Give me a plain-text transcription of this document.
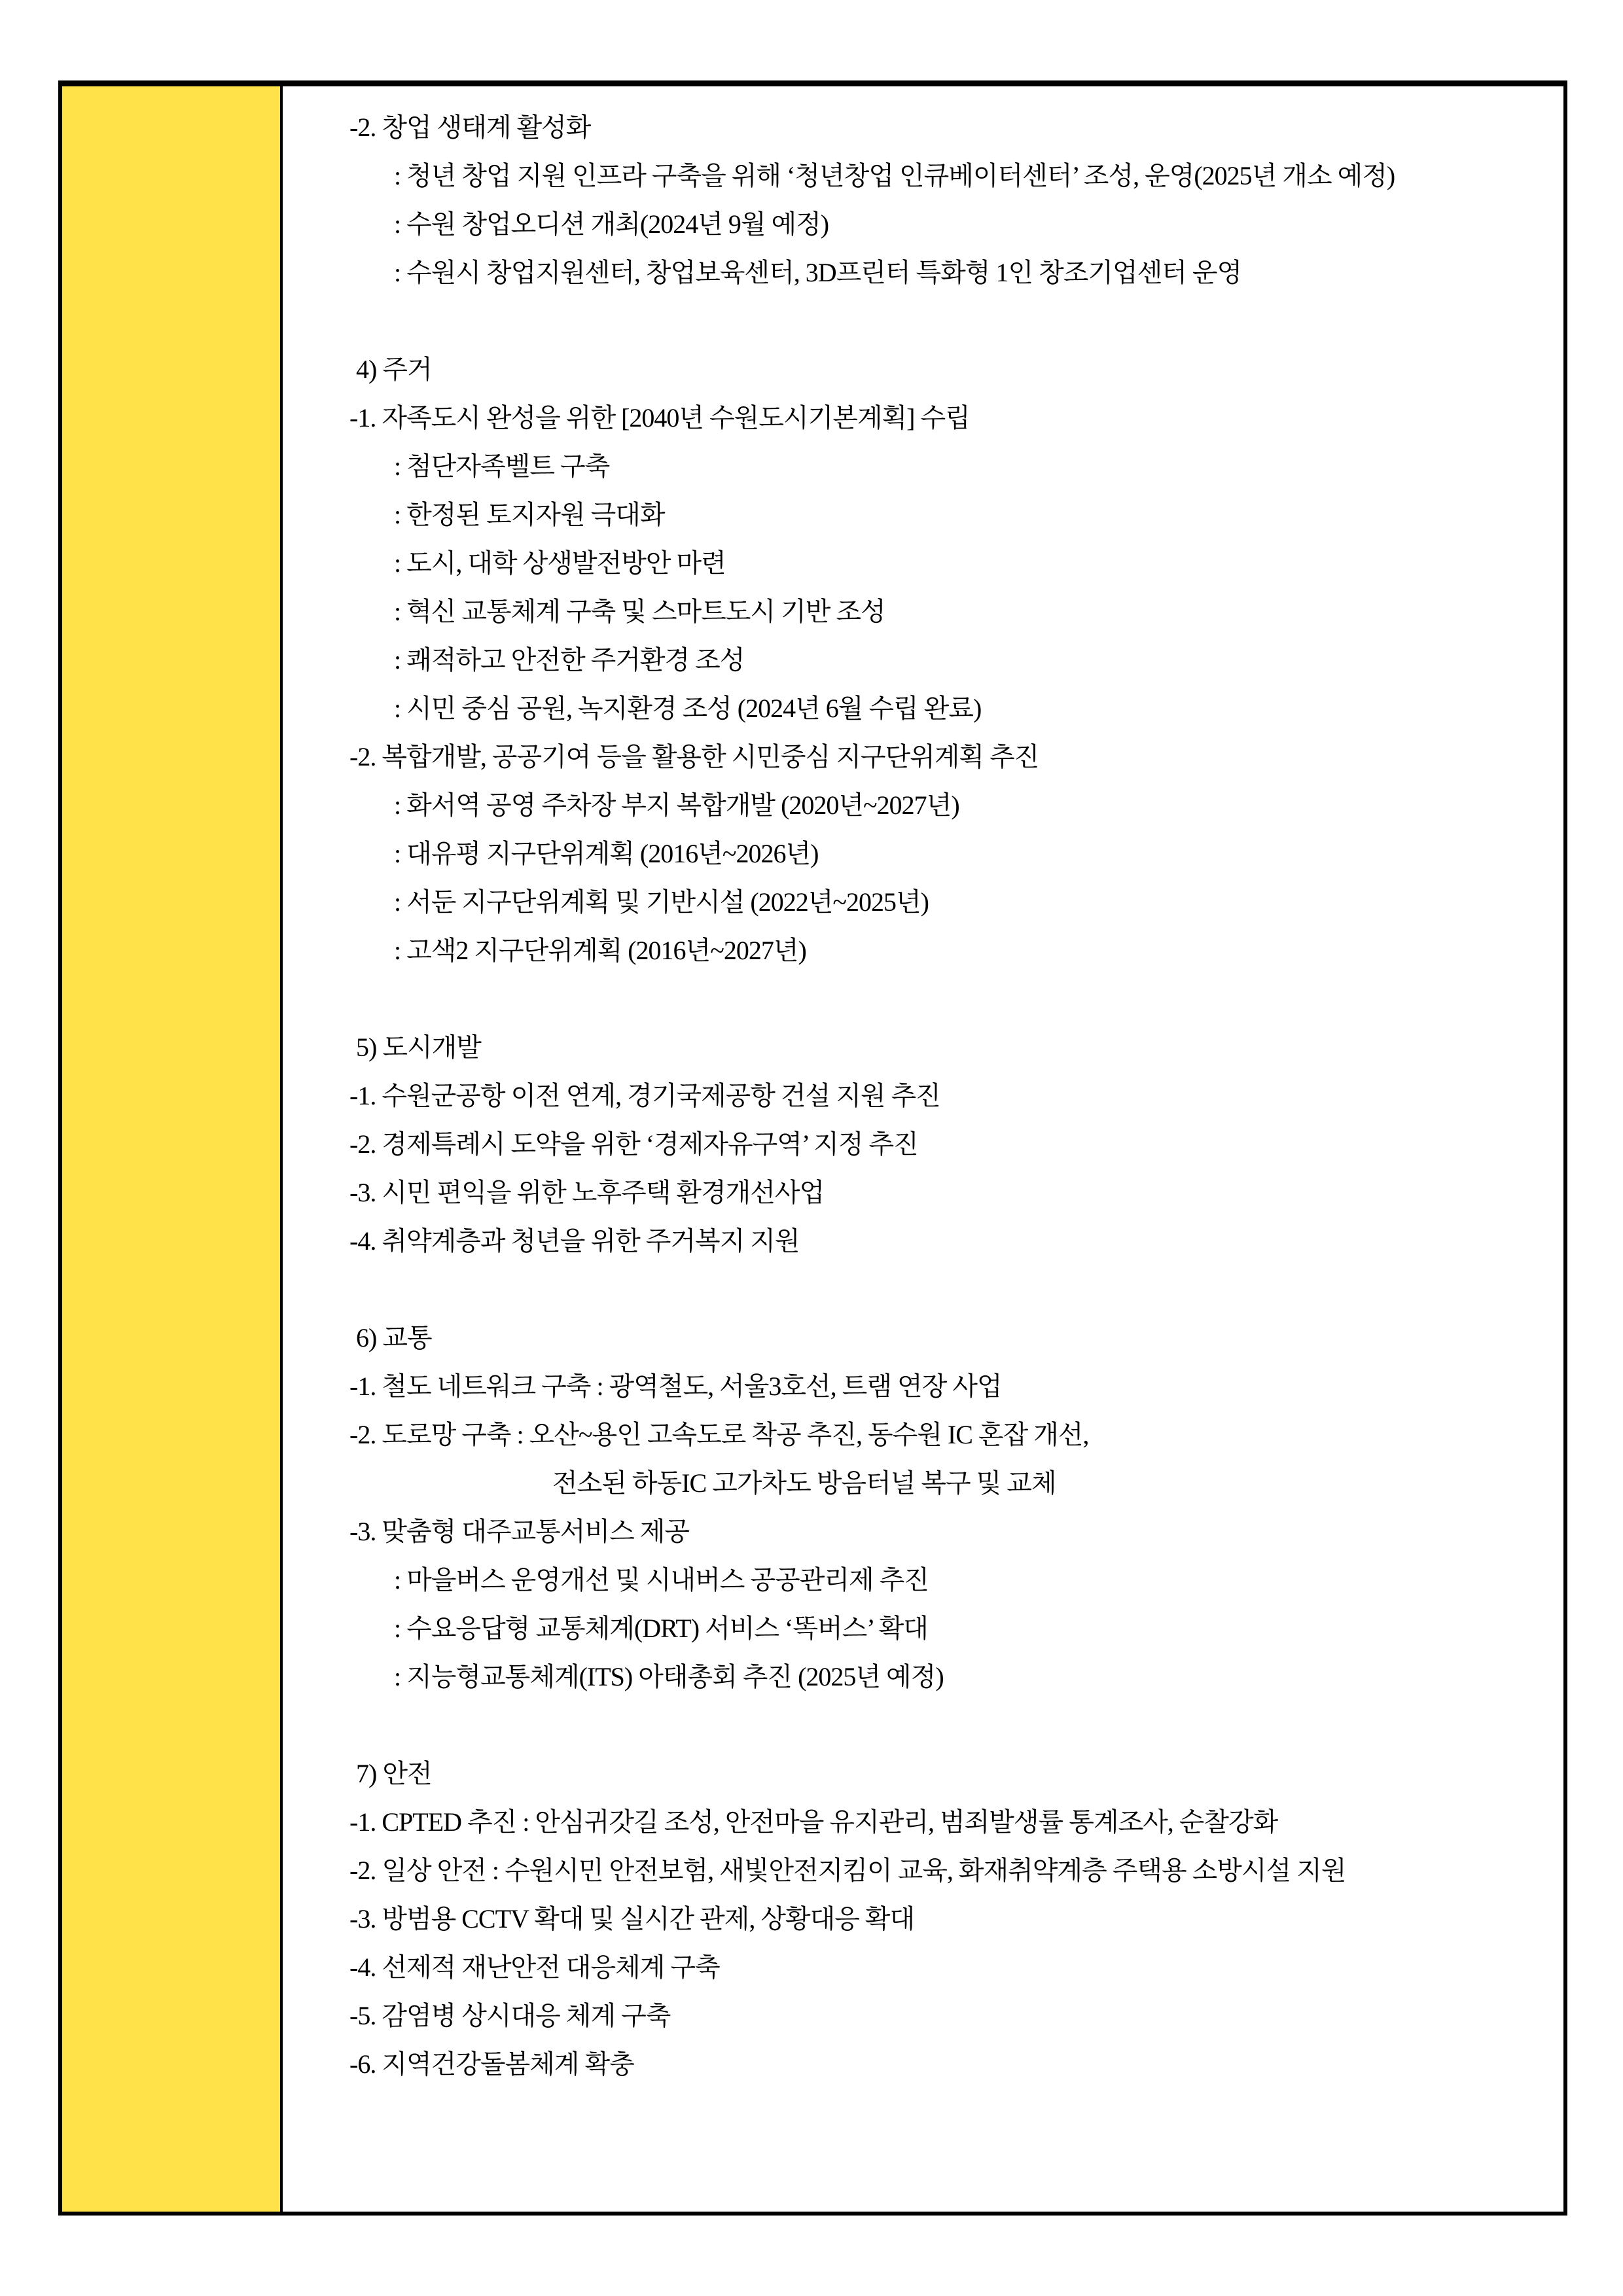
-2. 창업 생태계 활성화
: 청년 창업 지원 인프라 구축을 위해 ‘청년창업 인큐베이터센터’ 조성, 운영(2025년 개소 예정)
: 수원 창업오디션 개최(2024년 9월 예정)
: 수원시 창업지원센터, 창업보육센터, 3D프린터 특화형 1인 창조기업센터 운영
4) 주거
-1. 자족도시 완성을 위한 [2040년 수원도시기본계획] 수립
: 첨단자족벨트 구축
: 한정된 토지자원 극대화
: 도시, 대학 상생발전방안 마련
: 혁신 교통체계 구축 및 스마트도시 기반 조성
: 쾌적하고 안전한 주거환경 조성
: 시민 중심 공원, 녹지환경 조성 (2024년 6월 수립 완료)
-2. 복합개발, 공공기여 등을 활용한 시민중심 지구단위계획 추진
: 화서역 공영 주차장 부지 복합개발 (2020년~2027년)
: 대유평 지구단위계획 (2016년~2026년)
: 서둔 지구단위계획 및 기반시설 (2022년~2025년)
: 고색2 지구단위계획 (2016년~2027년)
5) 도시개발
-1. 수원군공항 이전 연계, 경기국제공항 건설 지원 추진
-2. 경제특례시 도약을 위한 ‘경제자유구역’ 지정 추진
-3. 시민 편익을 위한 노후주택 환경개선사업
-4. 취약계층과 청년을 위한 주거복지 지원
6) 교통
-1. 철도 네트워크 구축 : 광역철도, 서울3호선, 트램 연장 사업
-2. 도로망 구축 : 오산~용인 고속도로 착공 추진, 동수원 IC 혼잡 개선,
전소된 하동IC 고가차도 방음터널 복구 및 교체
-3. 맞춤형 대주교통서비스 제공
: 마을버스 운영개선 및 시내버스 공공관리제 추진
: 수요응답형 교통체계(DRT) 서비스 ‘똑버스’ 확대
: 지능형교통체계(ITS) 아태총회 추진 (2025년 예정)
7) 안전
-1. CPTED 추진 : 안심귀갓길 조성, 안전마을 유지관리, 범죄발생률 통계조사, 순찰강화
-2. 일상 안전 : 수원시민 안전보험, 새빛안전지킴이 교육, 화재취약계층 주택용 소방시설 지원
-3. 방범용 CCTV 확대 및 실시간 관제, 상황대응 확대
-4. 선제적 재난안전 대응체계 구축
-5. 감염병 상시대응 체계 구축
-6. 지역건강돌봄체계 확충
